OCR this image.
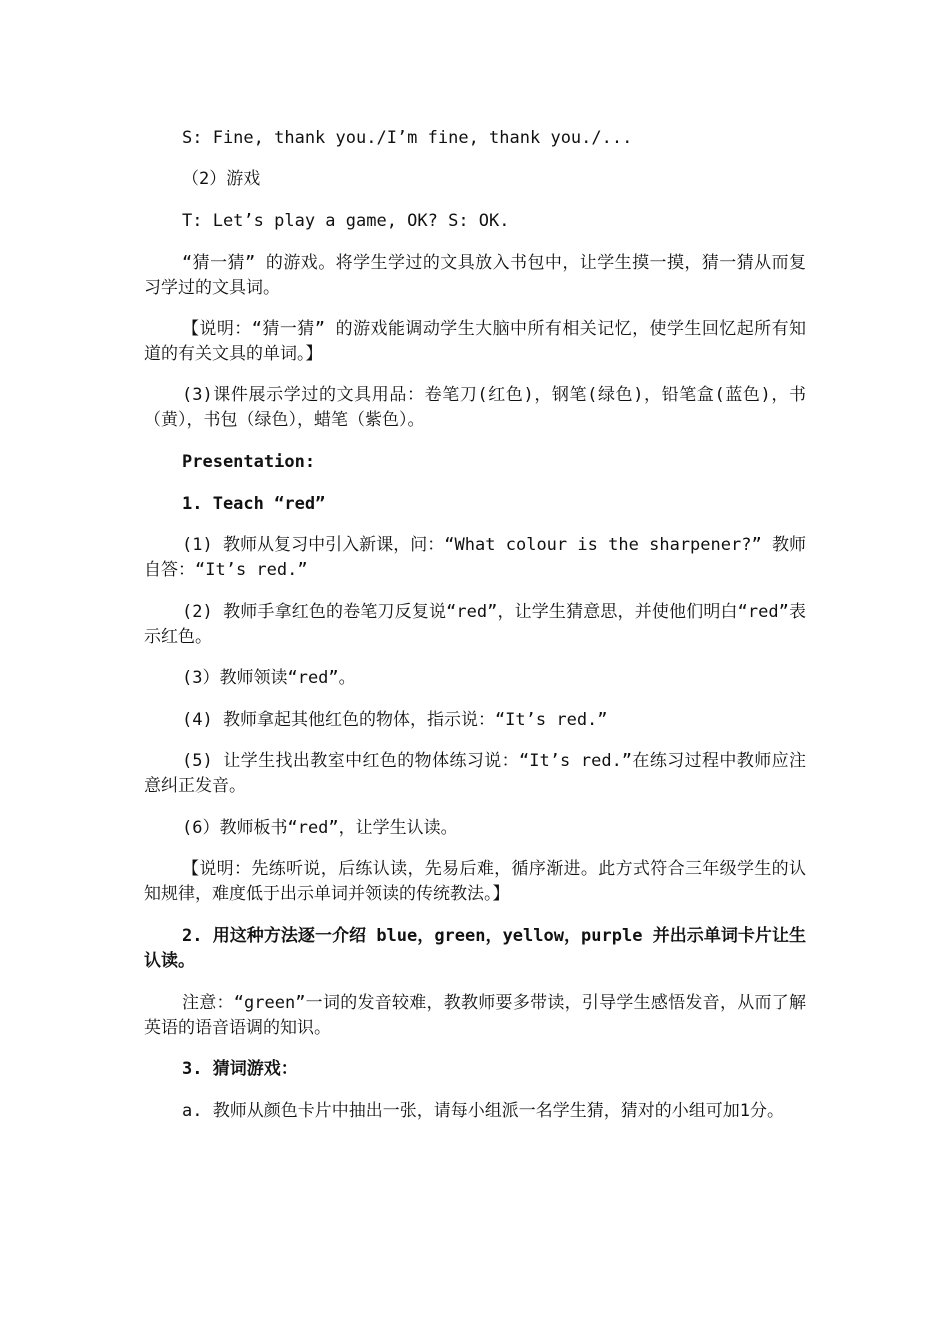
S: Fine, thank you./I’m fine, thank you./...

（2）游戏

T: Let’s play a game, OK? S: OK.

“猜一猜” 的游戏。将学生学过的文具放入书包中，让学生摸一摸，猜一猜从而复习学过的文具词。

【说明：“猜一猜” 的游戏能调动学生大脑中所有相关记忆，使学生回忆起所有知道的有关文具的单词。】

(3)课件展示学过的文具用品：卷笔刀(红色)，钢笔(绿色)，铅笔盒(蓝色)，书（黄），书包（绿色），蜡笔（紫色）。

Presentation:

1. Teach “red”

(1) 教师从复习中引入新课，问：“What colour is the sharpener?” 教师自答：“It’s red.”

(2) 教师手拿红色的卷笔刀反复说“red”，让学生猜意思，并使他们明白“red”表示红色。

(3）教师领读“red”。

(4) 教师拿起其他红色的物体，指示说：“It’s red.”

(5) 让学生找出教室中红色的物体练习说：“It’s red.”在练习过程中教师应注意纠正发音。

(6）教师板书“red”，让学生认读。

【说明：先练听说，后练认读，先易后难，循序渐进。此方式符合三年级学生的认知规律，难度低于出示单词并领读的传统教法。】

2. 用这种方法逐一介绍 blue，green，yellow，purple 并出示单词卡片让生认读。

注意：“green”一词的发音较难，教教师要多带读，引导学生感悟发音，从而了解英语的语音语调的知识。

3. 猜词游戏：

a. 教师从颜色卡片中抽出一张，请每小组派一名学生猜，猜对的小组可加1分。
